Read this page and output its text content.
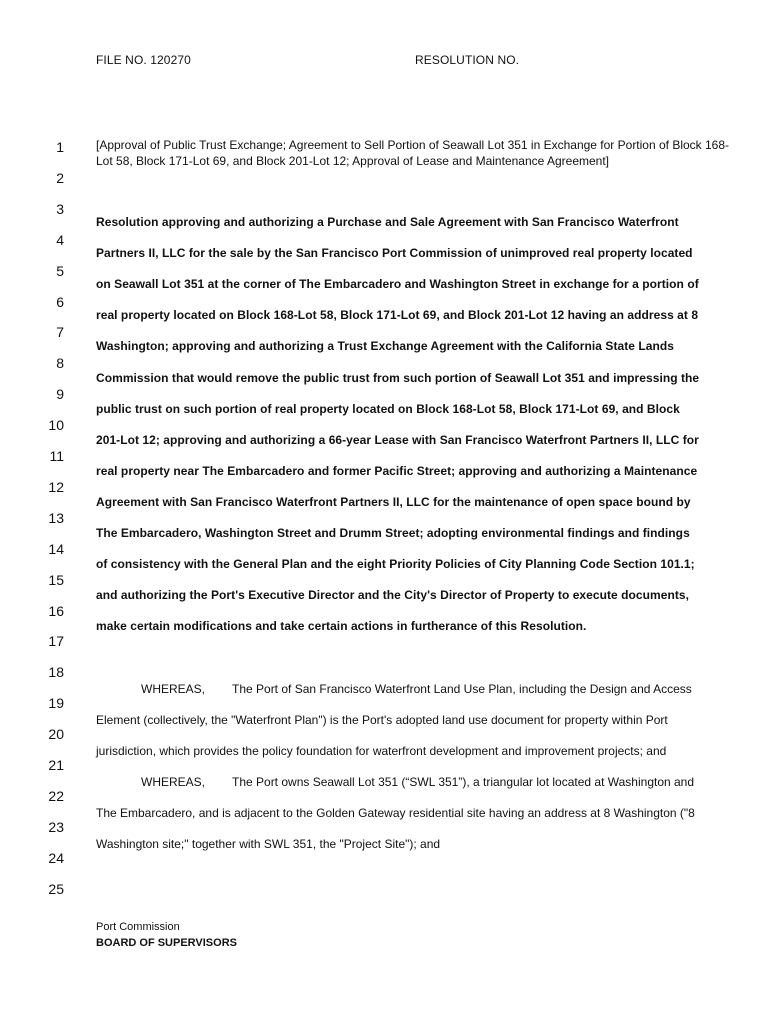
FILE NO. 120270	RESOLUTION NO.
1
2
3
4
5
6
7
8
9
10
11
12
13
14
15
16
17
18
19
20
21
22
23
24
25
[Approval of Public Trust Exchange; Agreement to Sell Portion of Seawall Lot 351 in Exchange for Portion of Block 168-Lot 58, Block 171-Lot 69, and Block 201-Lot 12; Approval of Lease and Maintenance Agreement]
Resolution approving and authorizing a Purchase and Sale Agreement with San Francisco Waterfront
Partners II, LLC for the sale by the San Francisco Port Commission of unimproved real property located
on Seawall Lot 351 at the corner of The Embarcadero and Washington Street in exchange for a portion of
real property located on Block 168-Lot 58, Block 171-Lot 69, and Block 201-Lot 12 having an address at 8
Washington; approving and authorizing a Trust Exchange Agreement with the California State Lands
Commission that would remove the public trust from such portion of Seawall Lot 351 and impressing the
public trust on such portion of real property located on Block 168-Lot 58, Block 171-Lot 69, and Block
201-Lot 12; approving and authorizing a 66-year Lease with San Francisco Waterfront Partners II, LLC for
real property near The Embarcadero and former Pacific Street; approving and authorizing a Maintenance
Agreement with San Francisco Waterfront Partners II, LLC for the maintenance of open space bound by
The Embarcadero, Washington Street and Drumm Street; adopting environmental findings and findings
of consistency with the General Plan and the eight Priority Policies of City Planning Code Section 101.1;
and authorizing the Port's Executive Director and the City's Director of Property to execute documents,
make certain modifications and take certain actions in furtherance of this Resolution.
WHEREAS, The Port of San Francisco Waterfront Land Use Plan, including the Design and Access
Element (collectively, the "Waterfront Plan") is the Port's adopted land use document for property within Port
jurisdiction, which provides the policy foundation for waterfront development and improvement projects; and
WHEREAS, The Port owns Seawall Lot 351 (“SWL 351”), a triangular lot located at Washington and
The Embarcadero, and is adjacent to the Golden Gateway residential site having an address at 8 Washington ("8
Washington site;" together with SWL 351, the "Project Site"); and
Port Commission
BOARD OF SUPERVISORS
